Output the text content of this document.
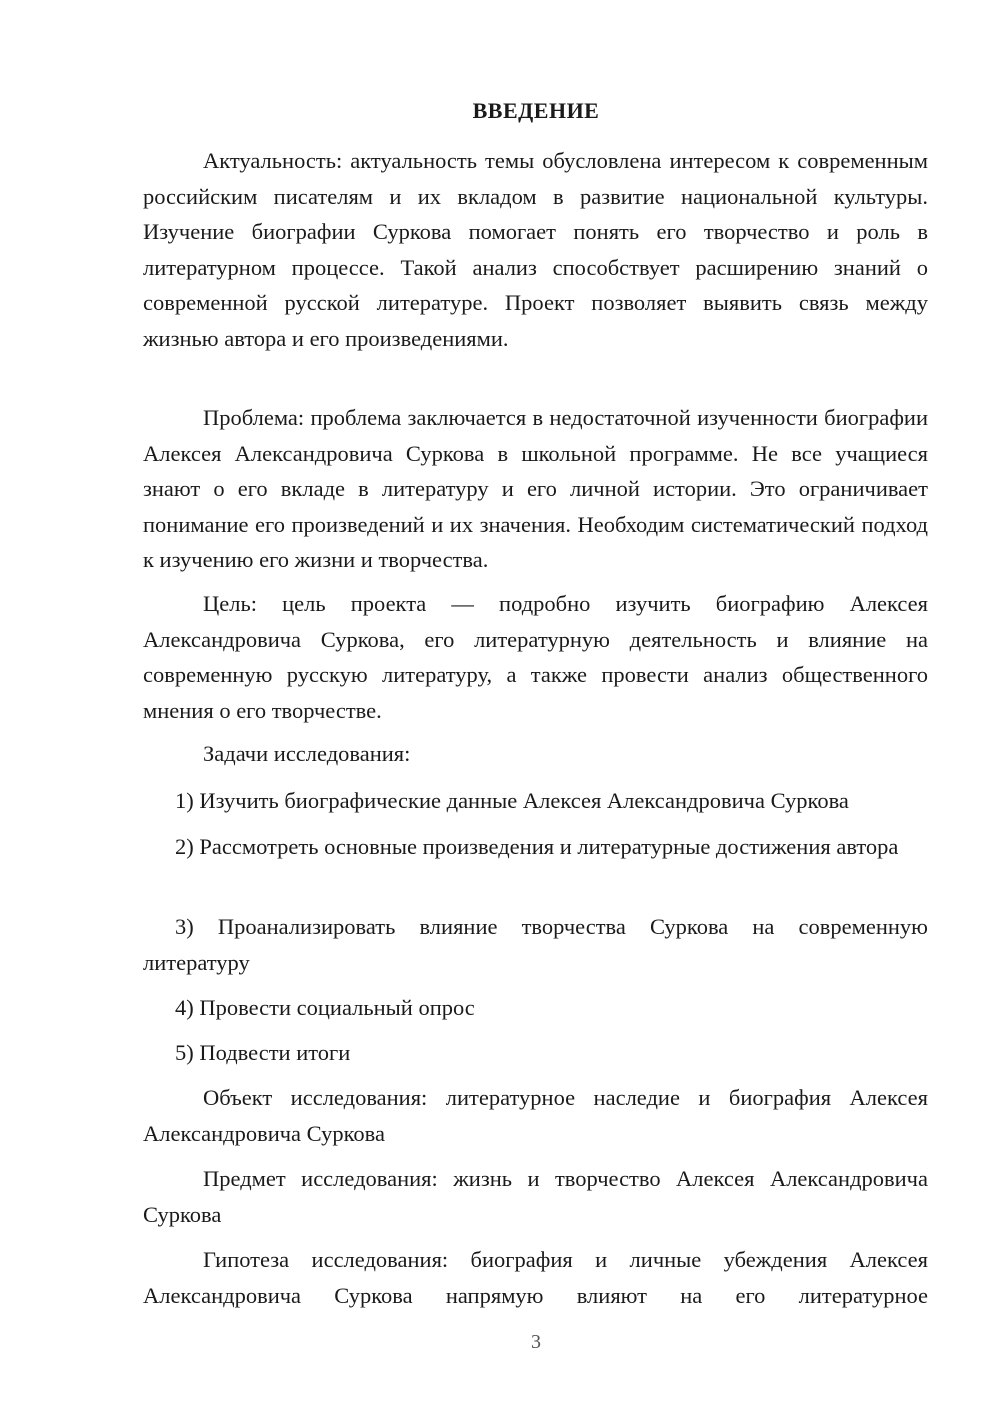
ВВЕДЕНИЕ

Актуальность: актуальность темы обусловлена интересом к современным российским писателям и их вкладом в развитие национальной культуры. Изучение биографии Суркова помогает понять его творчество и роль в литературном процессе. Такой анализ способствует расширению знаний о современной русской литературе. Проект позволяет выявить связь между жизнью автора и его произведениями.

Проблема: проблема заключается в недостаточной изученности биографии Алексея Александровича Суркова в школьной программе. Не все учащиеся знают о его вкладе в литературу и его личной истории. Это ограничивает понимание его произведений и их значения. Необходим систематический подход к изучению его жизни и творчества.

Цель: цель проекта — подробно изучить биографию Алексея Александровича Суркова, его литературную деятельность и влияние на современную русскую литературу, а также провести анализ общественного мнения о его творчестве.

Задачи исследования:

1) Изучить биографические данные Алексея Александровича Суркова

2) Рассмотреть основные произведения и литературные достижения автора

3) Проанализировать влияние творчества Суркова на современную литературу

4) Провести социальный опрос

5) Подвести итоги

Объект исследования: литературное наследие и биография Алексея Александровича Суркова

Предмет исследования: жизнь и творчество Алексея Александровича Суркова

Гипотеза исследования: биография и личные убеждения Алексея Александровича Суркова напрямую влияют на его литературное

3
